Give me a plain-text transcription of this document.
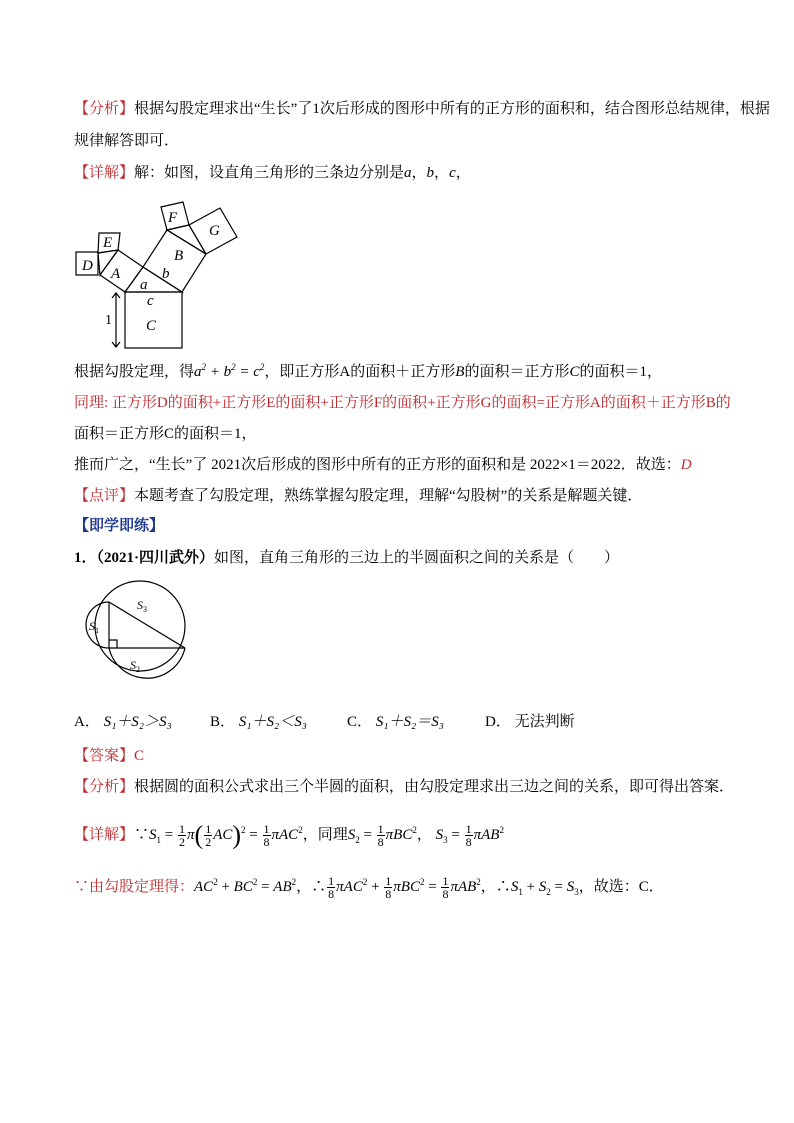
【分析】根据勾股定理求出“生长”了1次后形成的图形中所有的正方形的面积和，结合图形总结规律，根据
规律解答即可．
【详解】解：如图，设直角三角形的三条边分别是a，b，c，
D
E
A
a
F
G
B
b
c
C
1
根据勾股定理，得$a^2 + b^2 = c^2$，即正方形A的面积＋正方形B的面积＝正方形C的面积＝1，
同理: 正方形D的面积+正方形E的面积+正方形F的面积+正方形G的面积=正方形A的面积＋正方形B的
面积＝正方形C的面积＝1，
推而广之，“生长”了 2021次后形成的图形中所有的正方形的面积和是 2022×1＝2022．故选：D
【点评】本题考查了勾股定理，熟练掌握勾股定理，理解“勾股树”的关系是解题关键．
【即学即练】
1．（2021·四川武外）如图，直角三角形的三边上的半圆面积之间的关系是（　　）
$S_1$
$S_3$
$S_2$
A． S₁＋S₂＞S₃	B． S₁＋S₂＜S₃	C． S₁＋S₂＝S₃	D． 无法判断
【答案】C
【分析】根据圆的面积公式求出三个半圆的面积，由勾股定理求出三边之间的关系，即可得出答案．
【详解】$\because S_1 = \frac{1}{2} \pi( \frac{1}{2} AC)^2 = \frac{1}{8} \pi AC^2$，同理$S_2 = \frac{1}{8} \pi BC^2$， $S_3 = \frac{1}{8} \pi AB^2$
∵由勾股定理得：$AC^2 + BC^2 = AB^2$，∴ $\frac{1}{8} \pi AC^2 + \frac{1}{8} \pi BC^2 = \frac{1}{8} \pi AB^2$，$\therefore S_1 + S_2 = S_3$，故选：C．
